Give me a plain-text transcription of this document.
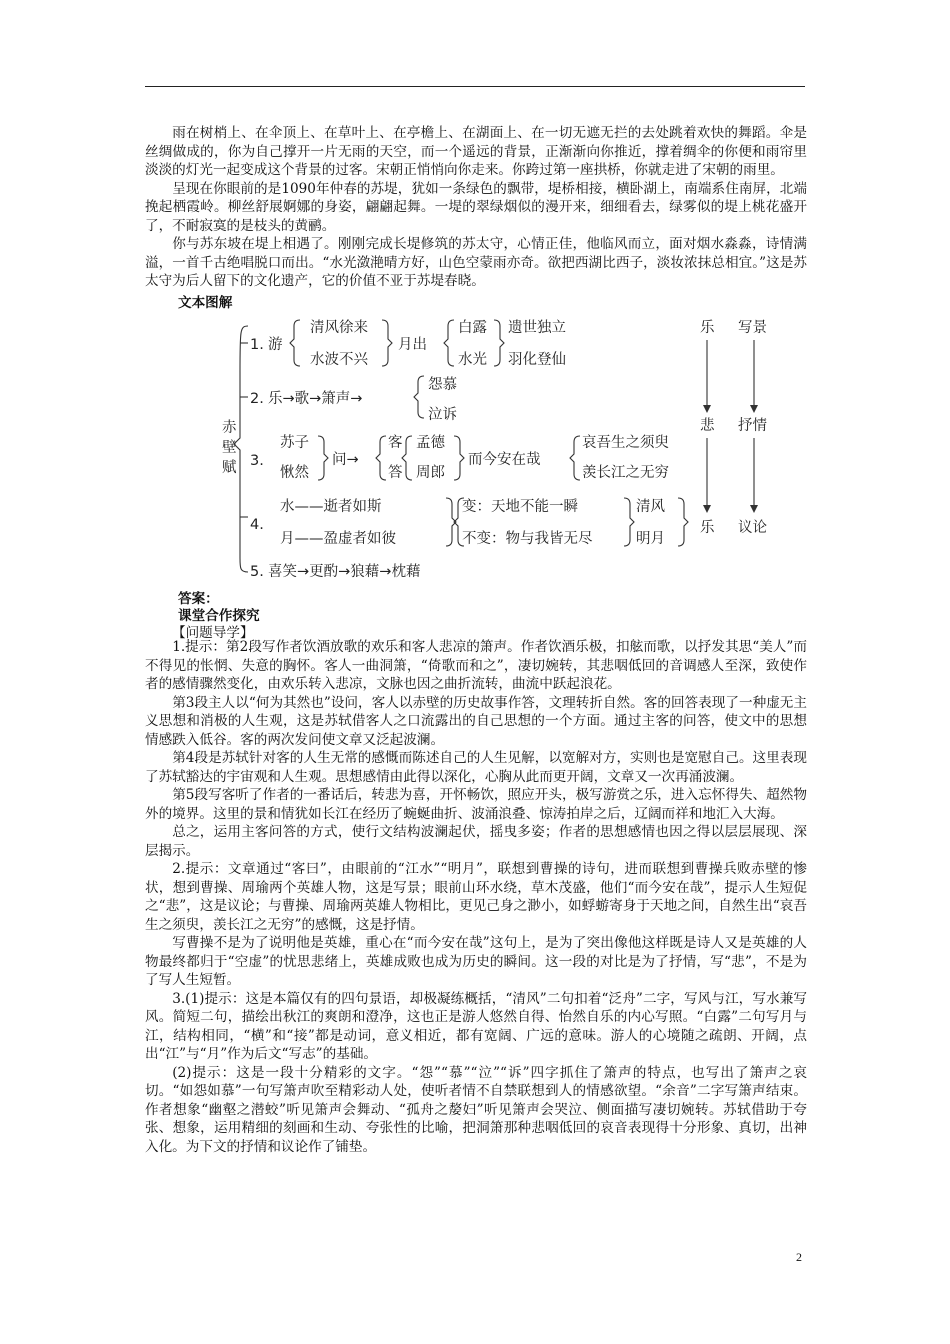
雨在树梢上、在伞顶上、在草叶上、在亭檐上、在湖面上、在一切无遮无拦的去处跳着欢快的舞蹈。伞是丝绸做成的，你为自己撑开一片无雨的天空，而一个遥远的背景，正渐渐向你推近，撑着绸伞的你便和雨帘里淡淡的灯光一起变成这个背景的过客。宋朝正悄悄向你走来。你跨过第一座拱桥，你就走进了宋朝的雨里。

呈现在你眼前的是1090年仲春的苏堤，犹如一条绿色的飘带，堤桥相接，横卧湖上，南端系住南屏，北端挽起栖霞岭。柳丝舒展婀娜的身姿，翩翩起舞。一堤的翠绿烟似的漫开来，细细看去，绿雾似的堤上桃花盛开了，不耐寂寞的是枝头的黄鹂。

你与苏东坡在堤上相遇了。刚刚完成长堤修筑的苏太守，心情正佳，他临风而立，面对烟水淼淼，诗情满溢，一首千古绝唱脱口而出。“水光潋滟晴方好，山色空蒙雨亦奇。欲把西湖比西子，淡妆浓抹总相宜。”这是苏太守为后人留下的文化遗产，它的价值不亚于苏堤春晓。

文本图解
赤
壁
赋
1. 游
清风徐来
水波不兴
月出
白露
水光
遗世独立
羽化登仙
2. 乐→歌→箫声→
怨慕
泣诉
3.
苏子
愀然
问→
客
答
孟德
周郎
而今安在哉
哀吾生之须臾
羡长江之无穷
4.
水——逝者如斯
月——盈虚者如彼
变：天地不能一瞬
不变：物与我皆无尽
清风
明月
5. 喜笑→更酌→狼藉→枕藉
乐
悲
乐
写景
抒情
议论
答案：
课堂合作探究
【问题导学】

1.提示：第2段写作者饮酒放歌的欢乐和客人悲凉的箫声。作者饮酒乐极，扣舷而歌，以抒发其思“美人”而不得见的怅惘、失意的胸怀。客人一曲洞箫，“倚歌而和之”，凄切婉转，其悲咽低回的音调感人至深，致使作者的感情骤然变化，由欢乐转入悲凉，文脉也因之曲折流转，曲流中跃起浪花。

第3段主人以“何为其然也”设问，客人以赤壁的历史故事作答，文理转折自然。客的回答表现了一种虚无主义思想和消极的人生观，这是苏轼借客人之口流露出的自己思想的一个方面。通过主客的问答，使文中的思想情感跌入低谷。客的两次发问使文章又泛起波澜。

第4段是苏轼针对客的人生无常的感慨而陈述自己的人生见解，以宽解对方，实则也是宽慰自己。这里表现了苏轼豁达的宇宙观和人生观。思想感情由此得以深化，心胸从此而更开阔，文章又一次再涌波澜。

第5段写客听了作者的一番话后，转悲为喜，开怀畅饮，照应开头，极写游赏之乐，进入忘怀得失、超然物外的境界。这里的景和情犹如长江在经历了蜿蜒曲折、波涌浪叠、惊涛拍岸之后，辽阔而祥和地汇入大海。

总之，运用主客问答的方式，使行文结构波澜起伏，摇曳多姿；作者的思想感情也因之得以层层展现、深层揭示。

2.提示：文章通过“客曰”，由眼前的“江水”“明月”，联想到曹操的诗句，进而联想到曹操兵败赤壁的惨状，想到曹操、周瑜两个英雄人物，这是写景；眼前山环水绕，草木茂盛，他们“而今安在哉”，提示人生短促之“悲”，这是议论；与曹操、周瑜两英雄人物相比，更见己身之渺小，如蜉蝣寄身于天地之间，自然生出“哀吾生之须臾，羡长江之无穷”的感慨，这是抒情。

写曹操不是为了说明他是英雄，重心在“而今安在哉”这句上，是为了突出像他这样既是诗人又是英雄的人物最终都归于“空虚”的忧思悲绪上，英雄成败也成为历史的瞬间。这一段的对比是为了抒情，写“悲”，不是为了写人生短暂。

3.(1)提示：这是本篇仅有的四句景语，却极凝练概括，“清风”二句扣着“泛舟”二字，写风与江，写水兼写风。简短二句，描绘出秋江的爽朗和澄净，这也正是游人悠然自得、怡然自乐的内心写照。“白露”二句写月与江，结构相同，“横”和“接”都是动词，意义相近，都有宽阔、广远的意味。游人的心境随之疏朗、开阔，点出“江”与“月”作为后文“写志”的基础。

(2)提示：这是一段十分精彩的文字。“怨”“慕”“泣”“诉”四字抓住了箫声的特点，也写出了箫声之哀切。“如怨如慕”一句写箫声吹至精彩动人处，使听者情不自禁联想到人的情感欲望。“余音”二字写箫声结束。作者想象“幽壑之潜蛟”听见箫声会舞动、“孤舟之嫠妇”听见箫声会哭泣、侧面描写凄切婉转。苏轼借助于夸张、想象，运用精细的刻画和生动、夸张性的比喻，把洞箫那种悲咽低回的哀音表现得十分形象、真切，出神入化。为下文的抒情和议论作了铺垫。

2
